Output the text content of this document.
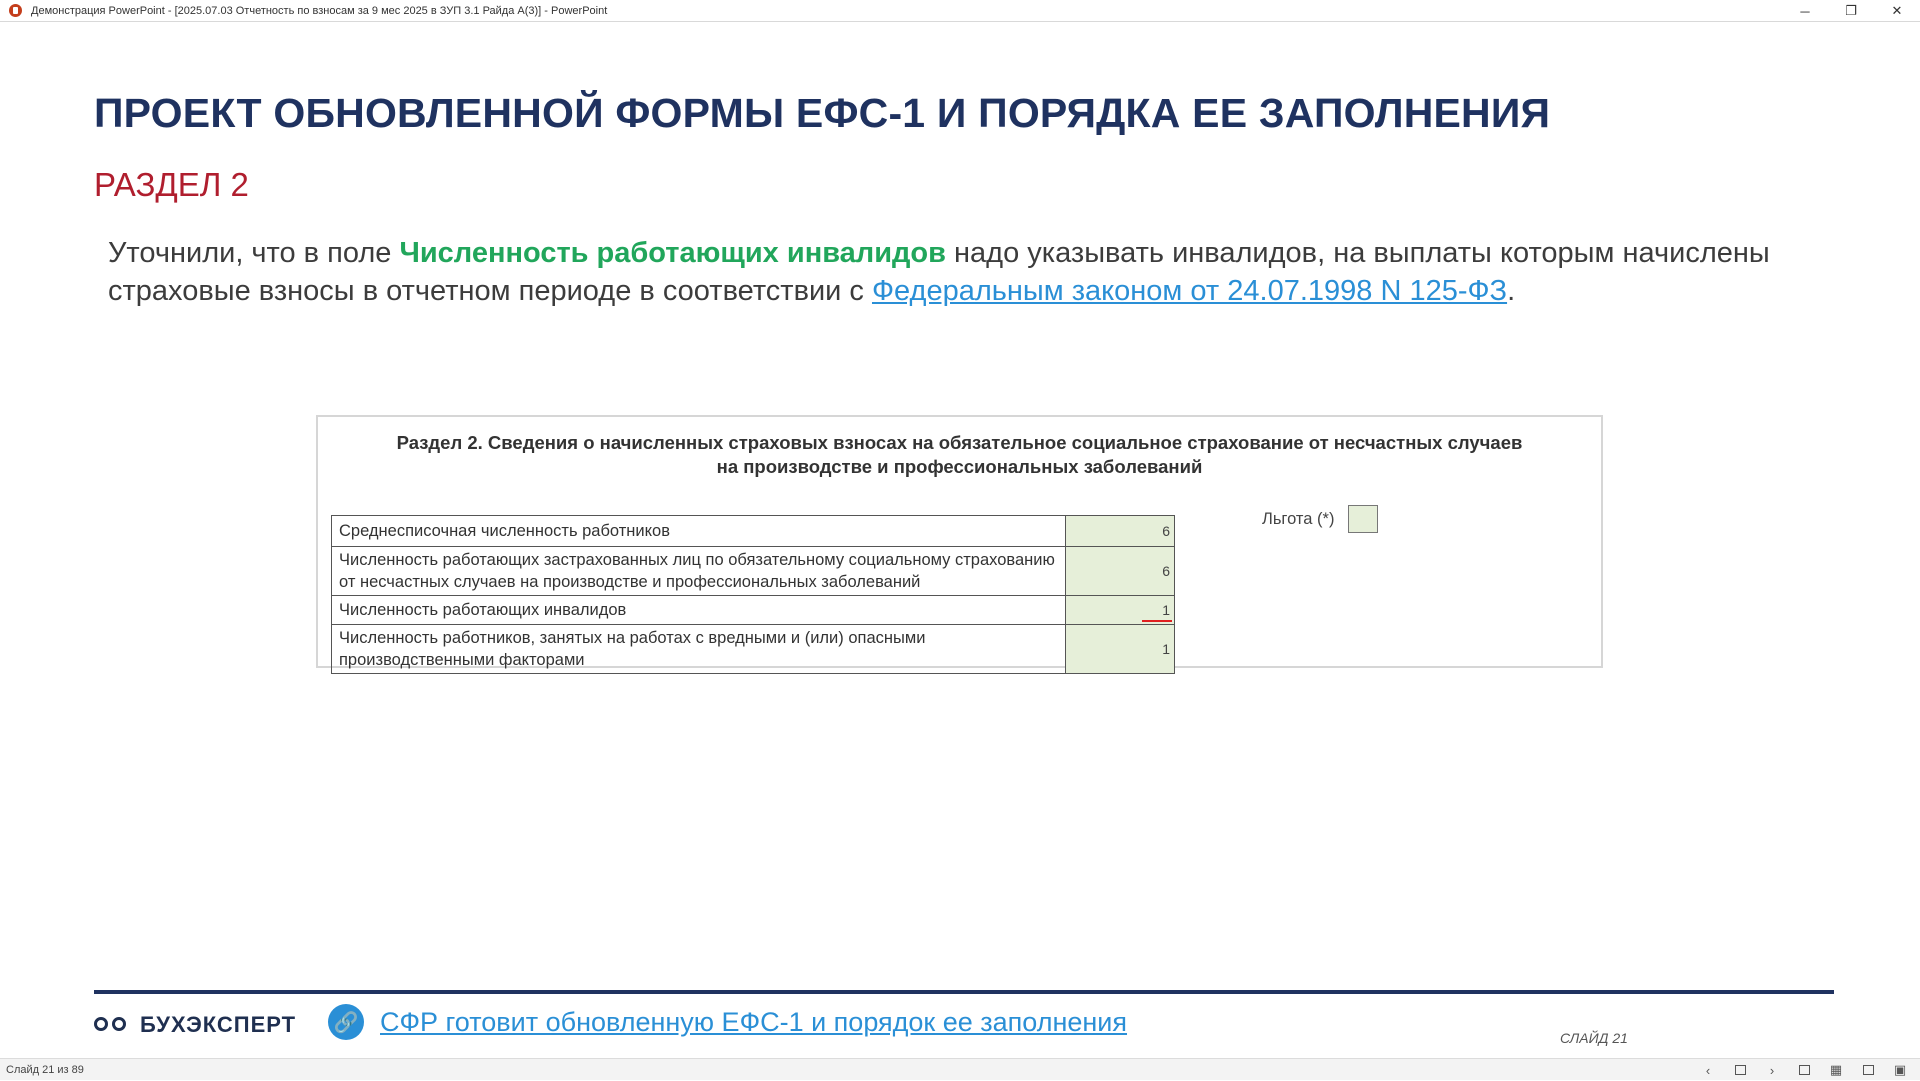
Демонстрация PowerPoint - [2025.07.03 Отчетность по взносам за 9 мес 2025 в ЗУП 3.1 Райда А(3)] - PowerPoint	─	❐	✕
ПРОЕКТ ОБНОВЛЕННОЙ ФОРМЫ ЕФС-1 И ПОРЯДКА ЕЕ ЗАПОЛНЕНИЯ
РАЗДЕЛ 2
Уточнили, что в поле Численность работающих инвалидов надо указывать инвалидов, на выплаты которым начислены страховые взносы в отчетном периоде в соответствии с Федеральным законом от 24.07.1998 N 125-ФЗ.
Раздел 2. Сведения о начисленных страховых взносах на обязательное социальное страхование от несчастных случаев
на производстве и профессиональных заболеваний
Среднесписочная численность работников	6
Численность работающих застрахованных лиц по обязательному социальному страхованию от несчастных случаев на производстве и профессиональных заболеваний	6
Численность работающих инвалидов	1

Численность работников, занятых на работах с вредными и (или) опасными производственными факторами	1
Льгота (*)
БУХЭКСПЕРТ 🔗 СФР готовит обновленную ЕФС-1 и порядок ее заполнения
СЛАЙД 21
Слайд 21 из 89	‹	›	▦	▣
